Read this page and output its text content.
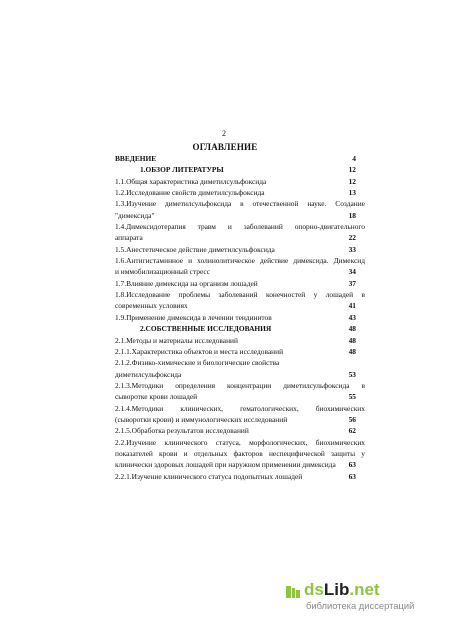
2
ОГЛАВЛЕНИЕ
ВВЕДЕНИЕ	4
1.ОБЗОР ЛИТЕРАТУРЫ	12
1.1.Общая характеристика диметилсульфоксида	12
1.2.Исследование свойств диметилсульфоксида	13
1.3.Изучение диметилсульфоксида в отечественной науке. Создание
"димексида"	18
1.4.Димексидотерапия травм и заболеваний опорно-двигательного
аппарата	22
1.5.Анестетическое действие диметилсульфоксида	33
1.6.Антигистаминное и холинолитическое действие димексида. Димексид
и иммобилизационный стресс	34
1.7.Влияние димексида на организм лошадей	37
1.8.Исследование проблемы заболеваний конечностей у лошадей в
современных условиях	41
1.9.Применение димексида в лечении тендинитов	43
2.СОБСТВЕННЫЕ ИССЛЕДОВАНИЯ	48
2.1.Методы и материалы исследований	48
2.1.1.Характеристика объектов и места исследований	48
2.1.2.Физико-химические и биологические свойства
диметилсульфоксида	53
2.1.3.Методики определения концентрации диметилсульфоксида в
сыворотке крови лошадей	55
2.1.4.Методики клинических, гематологических, биохимических
(сыворотки крови) и иммунологических исследований	56
2.1.5.Обработка результатов исследований	62
2.2.Изучение клинического статуса, морфологических, биохимических
показателей крови и отдельных факторов неспецифической защиты у
клинически здоровых лошадей при наружном применении димексида 63
2.2.1.Изучение клинического статуса подопытных лошадей	63
dsLib.net
библиотека диссертаций
